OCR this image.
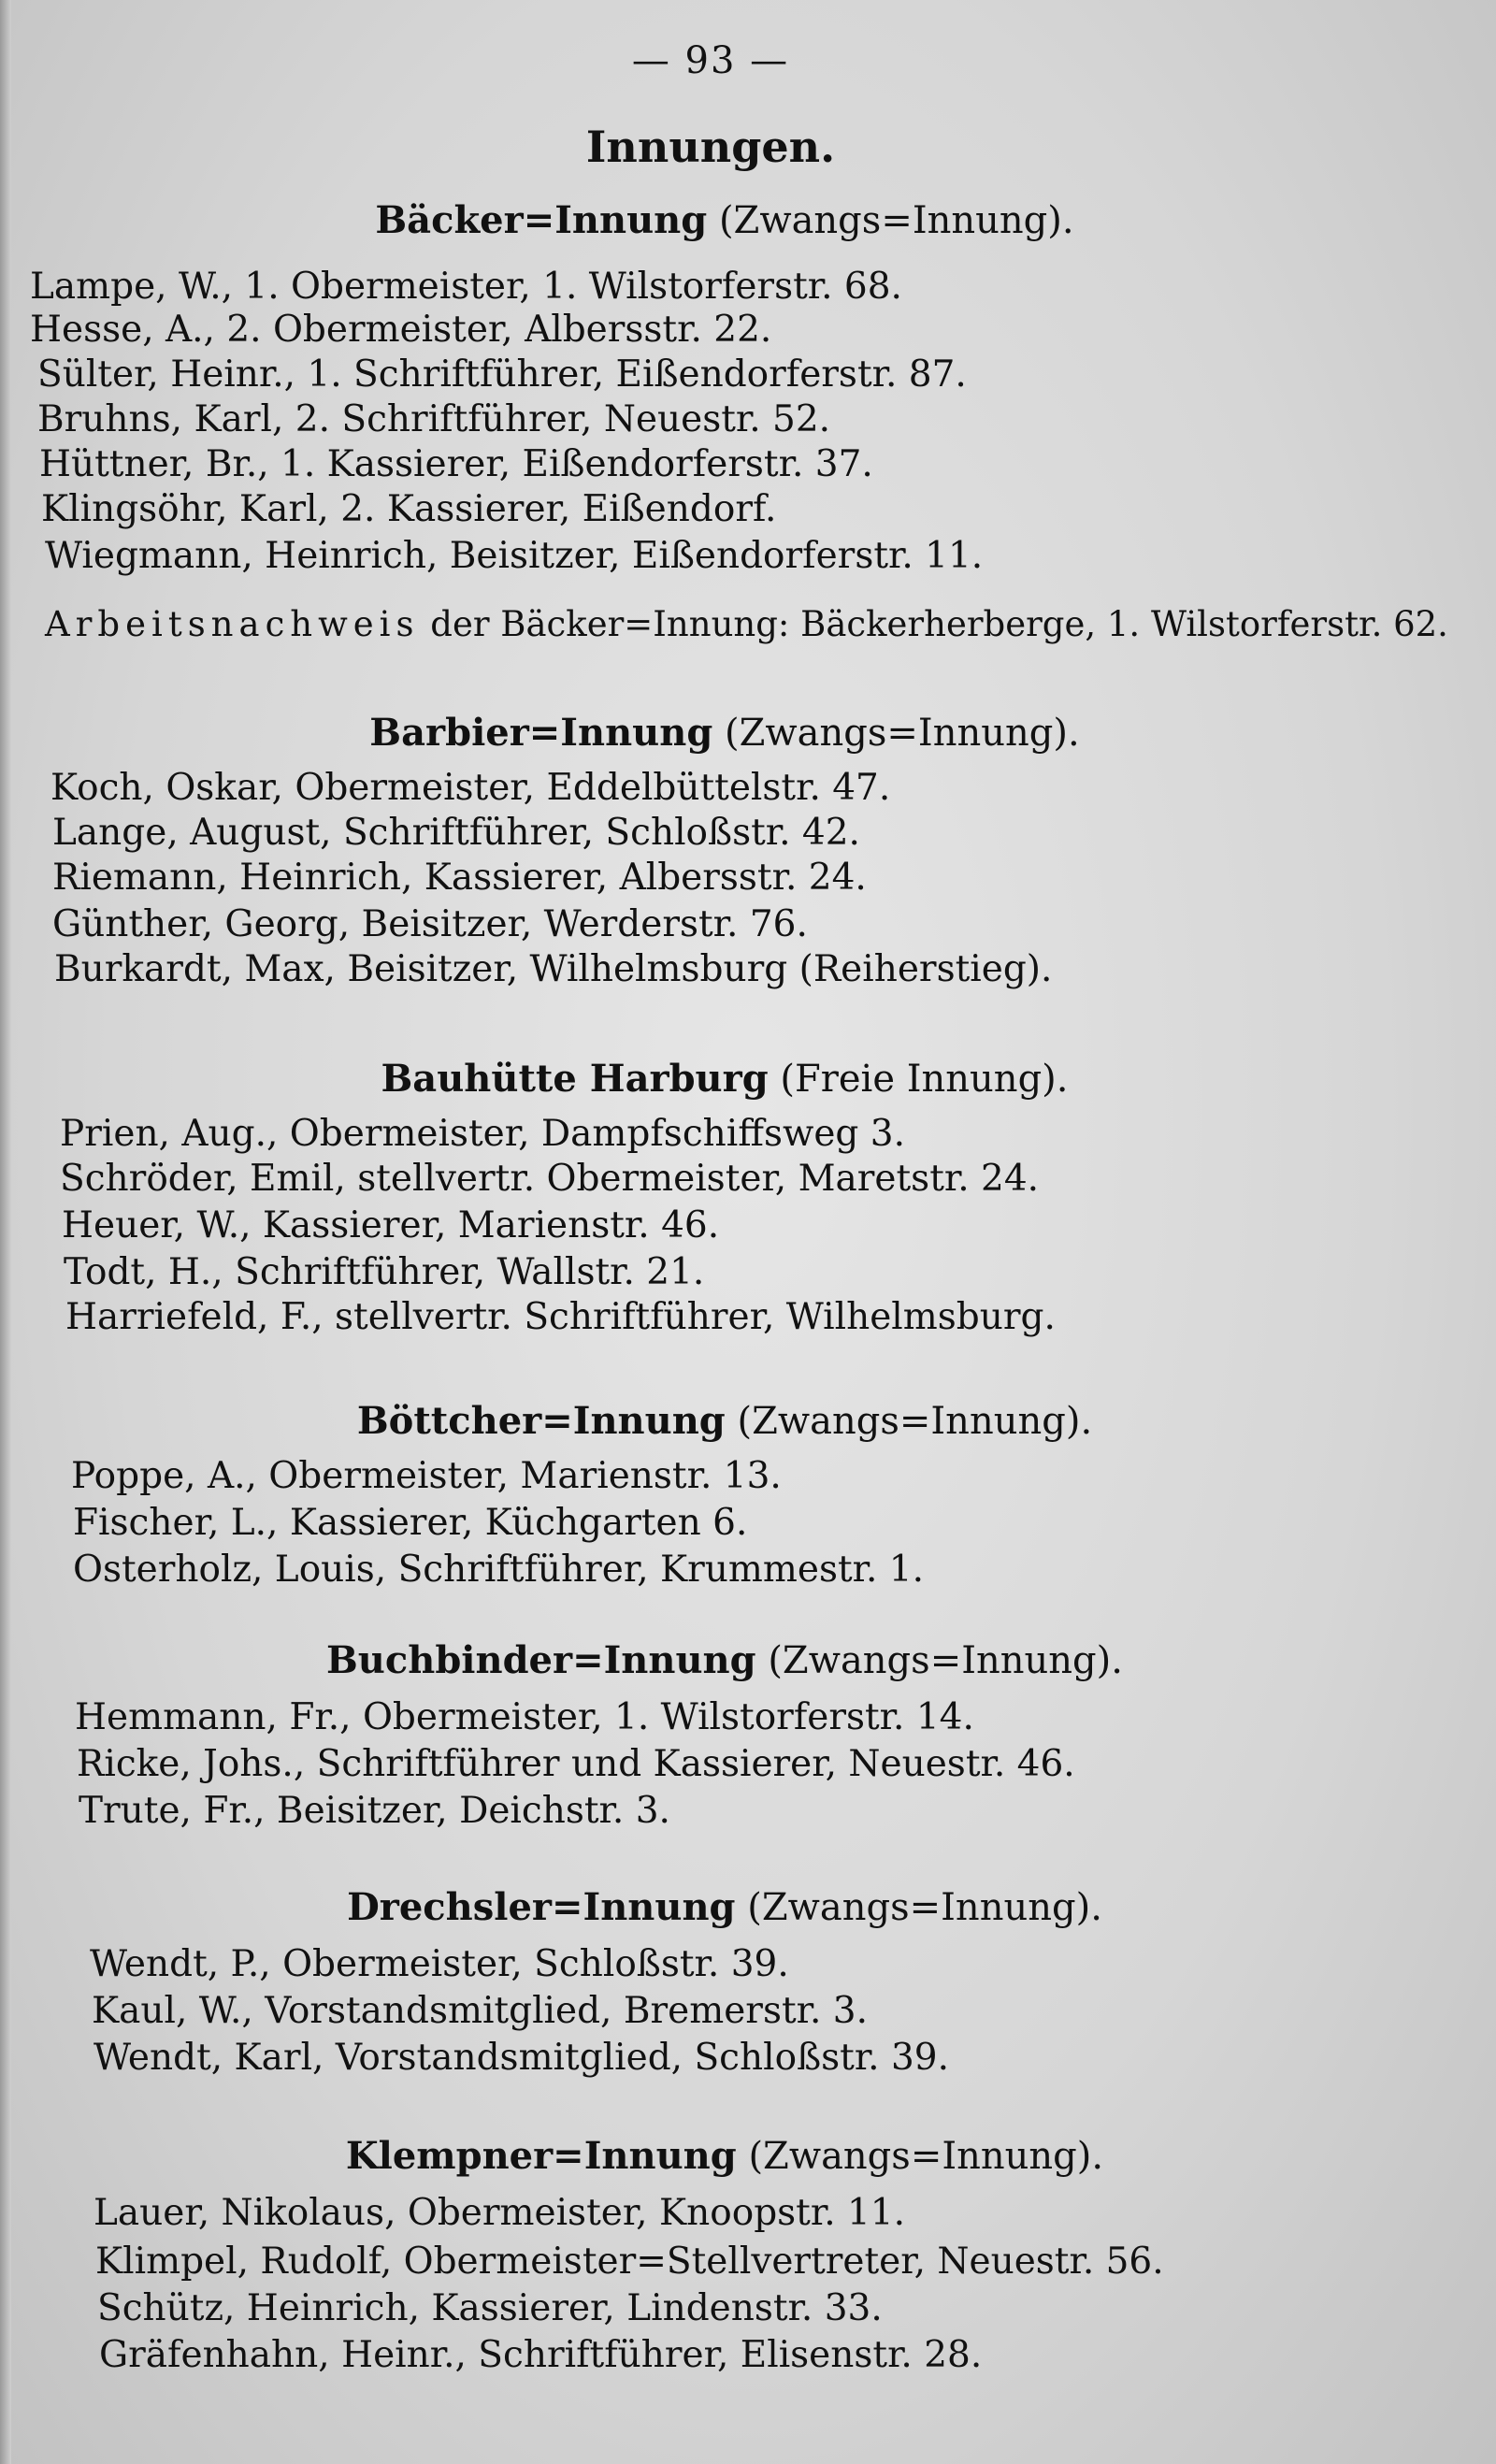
— 93 —
Innungen.
Bäcker=Innung (Zwangs=Innung).
Lampe, W., 1. Obermeister, 1. Wilstorferstr. 68.
Hesse, A., 2. Obermeister, Albersstr. 22.
Sülter, Heinr., 1. Schriftführer, Eißendorferstr. 87.
Bruhns, Karl, 2. Schriftführer, Neuestr. 52.
Hüttner, Br., 1. Kassierer, Eißendorferstr. 37.
Klingsöhr, Karl, 2. Kassierer, Eißendorf.
Wiegmann, Heinrich, Beisitzer, Eißendorferstr. 11.
Arbeitsnachweis der Bäcker=Innung: Bäckerherberge, 1. Wilstorferstr. 62.
Barbier=Innung (Zwangs=Innung).
Koch, Oskar, Obermeister, Eddelbüttelstr. 47.
Lange, August, Schriftführer, Schloßstr. 42.
Riemann, Heinrich, Kassierer, Albersstr. 24.
Günther, Georg, Beisitzer, Werderstr. 76.
Burkardt, Max, Beisitzer, Wilhelmsburg (Reiherstieg).
Bauhütte Harburg (Freie Innung).
Prien, Aug., Obermeister, Dampfschiffsweg 3.
Schröder, Emil, stellvertr. Obermeister, Maretstr. 24.
Heuer, W., Kassierer, Marienstr. 46.
Todt, H., Schriftführer, Wallstr. 21.
Harriefeld, F., stellvertr. Schriftführer, Wilhelmsburg.
Böttcher=Innung (Zwangs=Innung).
Poppe, A., Obermeister, Marienstr. 13.
Fischer, L., Kassierer, Küchgarten 6.
Osterholz, Louis, Schriftführer, Krummestr. 1.
Buchbinder=Innung (Zwangs=Innung).
Hemmann, Fr., Obermeister, 1. Wilstorferstr. 14.
Ricke, Johs., Schriftführer und Kassierer, Neuestr. 46.
Trute, Fr., Beisitzer, Deichstr. 3.
Drechsler=Innung (Zwangs=Innung).
Wendt, P., Obermeister, Schloßstr. 39.
Kaul, W., Vorstandsmitglied, Bremerstr. 3.
Wendt, Karl, Vorstandsmitglied, Schloßstr. 39.
Klempner=Innung (Zwangs=Innung).
Lauer, Nikolaus, Obermeister, Knoopstr. 11.
Klimpel, Rudolf, Obermeister=Stellvertreter, Neuestr. 56.
Schütz, Heinrich, Kassierer, Lindenstr. 33.
Gräfenhahn, Heinr., Schriftführer, Elisenstr. 28.
